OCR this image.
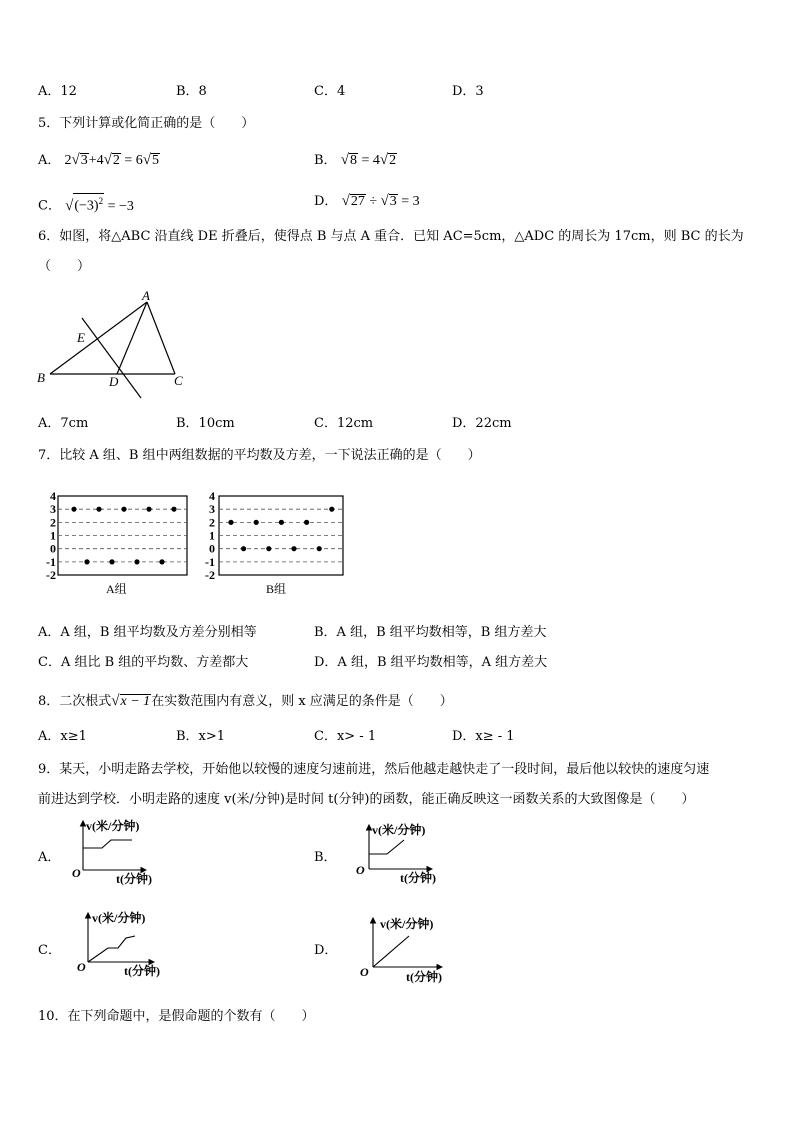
A．12	B．8	C．4	D．3
5．下列计算或化简正确的是（　　）
A． 2√3+4√2 = 6√5	B． √8 = 4√2
C． $√(-3)^2 = -3$	D． √27 ÷ √3 = 3
6．如图，将△ABC 沿直线 DE 折叠后，使得点 B 与点 A 重合．已知 AC=5cm，△ADC 的周长为 17cm，则 BC 的长为
（　　）
A
E
B	D	C
A．7cm	B．10cm	C．12cm	D．22cm
7．比较 A 组、B 组中两组数据的平均数及方差，一下说法正确的是（　　）
4
3
2
1
0
-1
-2
A组
4
3
2
1
0
-1
-2
B组
A．A 组，B 组平均数及方差分别相等	B．A 组，B 组平均数相等，B 组方差大
C．A 组比 B 组的平均数、方差都大	D．A 组，B 组平均数相等，A 组方差大
8．二次根式√x − 1在实数范围内有意义，则 x 应满足的条件是（　　）
A．x≥1	B．x>1	C．x> - 1	D．x≥ - 1
9．某天，小明走路去学校，开始他以较慢的速度匀速前进，然后他越走越快走了一段时间，最后他以较快的速度匀速
前进达到学校．小明走路的速度 v(米/分钟)是时间 t(分钟)的函数，能正确反映这一函数关系的大致图像是（　　）
A．	B．
C．	D．
v(米/分钟)
t(分钟)
O
v(米/分钟)
t(分钟)
O
v(米/分钟)
t(分钟)
O
v(米/分钟)
t(分钟)
O
10．在下列命题中，是假命题的个数有（　　）
